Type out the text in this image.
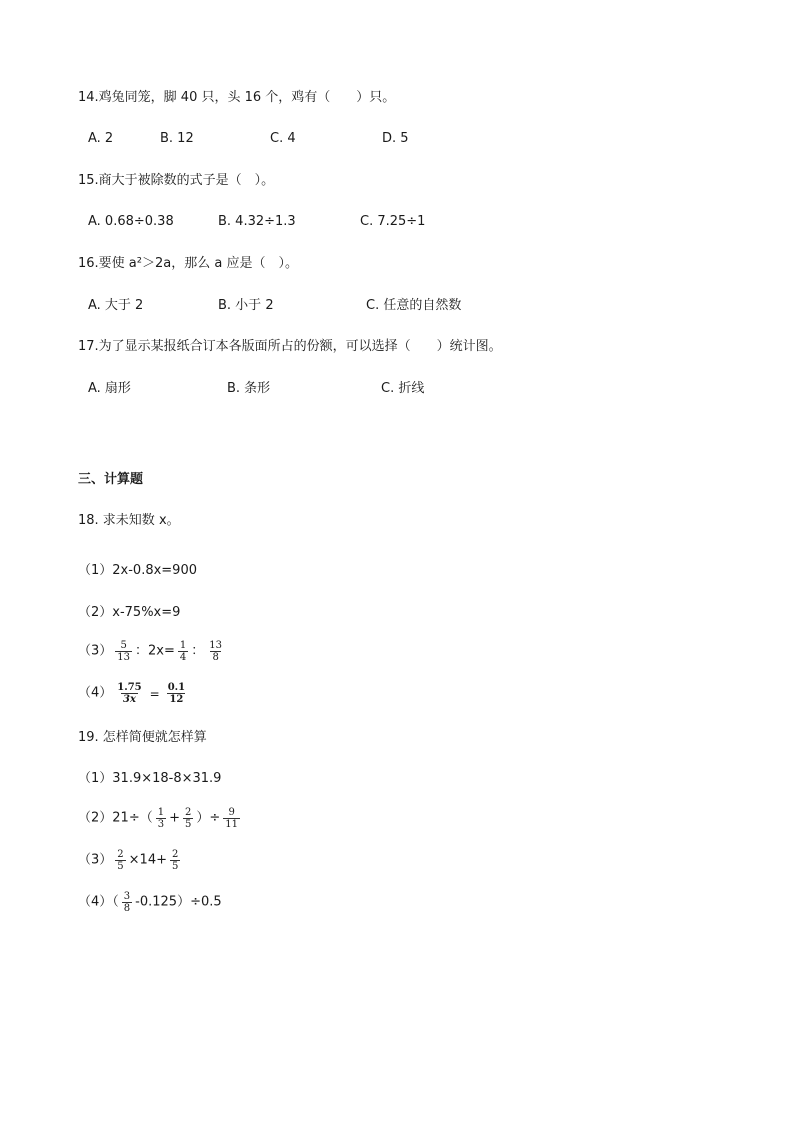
14.鸡兔同笼，脚 40 只，头 16 个，鸡有（　　）只。
A. 2	B. 12	C. 4	D. 5
15.商大于被除数的式子是（　）。
A. 0.68÷0.38	B. 4.32÷1.3	C. 7.25÷1
16.要使 a²＞2a，那么 a 应是（　）。
A. 大于 2	B. 小于 2	C. 任意的自然数
17.为了显示某报纸合订本各版面所占的份额，可以选择（　　）统计图。
A. 扇形	B. 条形	C. 折线
三、计算题
18. 求未知数 x。
（1）2x-0.8x=900
（2）x-75%x=9
$(3) \frac{5}{13}$ ：$2x= \frac{1}{4}$ ： $\frac{13}{8}$
$(4) \frac{1.75}{3x} = \frac{0.1}{12}$
19. 怎样简便就怎样算
（1）31.9×18-8×31.9
$(2)21\div( \frac{1}{3} + \frac{2}{5}$ ）÷ $\frac{9}{11}$
$(3) \frac{2}{5} \times 14+ \frac{2}{5}$
$(4)( \frac{3}{8} -0.125)\div 0.5$
